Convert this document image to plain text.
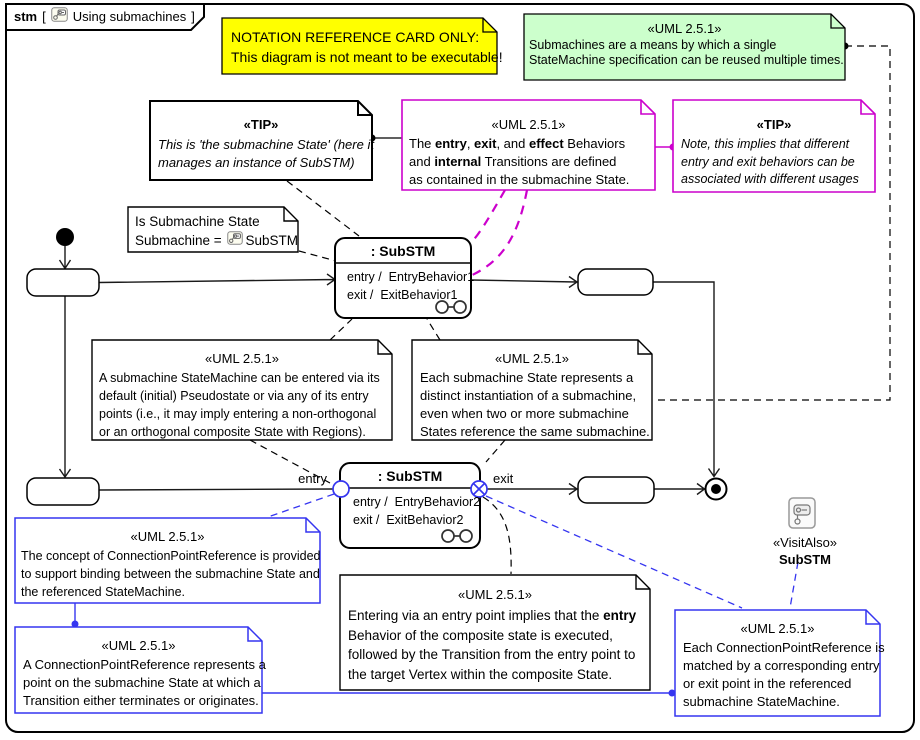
stm [ Using submachines ]
NOTATION REFERENCE CARD ONLY:
This diagram is not meant to be executable!
«UML 2.5.1»
Submachines are a means by which a single
StateMachine specification can be reused multiple times.
«TIP»
This is 'the submachine State' (here it
manages an instance of SubSTM)
«UML 2.5.1»
The entry, exit, and effect Behaviors
and internal Transitions are defined
as contained in the submachine State.
«TIP»
Note, this implies that different
entry and exit behaviors can be
associated with different usages
Is Submachine State
Submachine = SubSTM
«UML 2.5.1»
A submachine StateMachine can be entered via its
default (initial) Pseudostate or via any of its entry
points (i.e., it may imply entering a non-orthogonal
or an orthogonal composite State with Regions).
«UML 2.5.1»
Each submachine State represents a
distinct instantiation of a submachine,
even when two or more submachine
States reference the same submachine.
«UML 2.5.1»
The concept of ConnectionPointReference is provided
to support binding between the submachine State and
the referenced StateMachine.
«UML 2.5.1»
A ConnectionPointReference represents a
point on the submachine State at which a
Transition either terminates or originates.
«UML 2.5.1»
Entering via an entry point implies that the entry
Behavior of the composite state is executed,
followed by the Transition from the entry point to
the target Vertex within the composite State.
«UML 2.5.1»
Each ConnectionPointReference is
matched by a corresponding entry
or exit point in the referenced
submachine StateMachine.
: SubSTM
entry /  EntryBehavior1
exit /  ExitBehavior1
: SubSTM
entry /  EntryBehavior2
exit /  ExitBehavior2
entry	exit
«VisitAlso»
SubSTM
